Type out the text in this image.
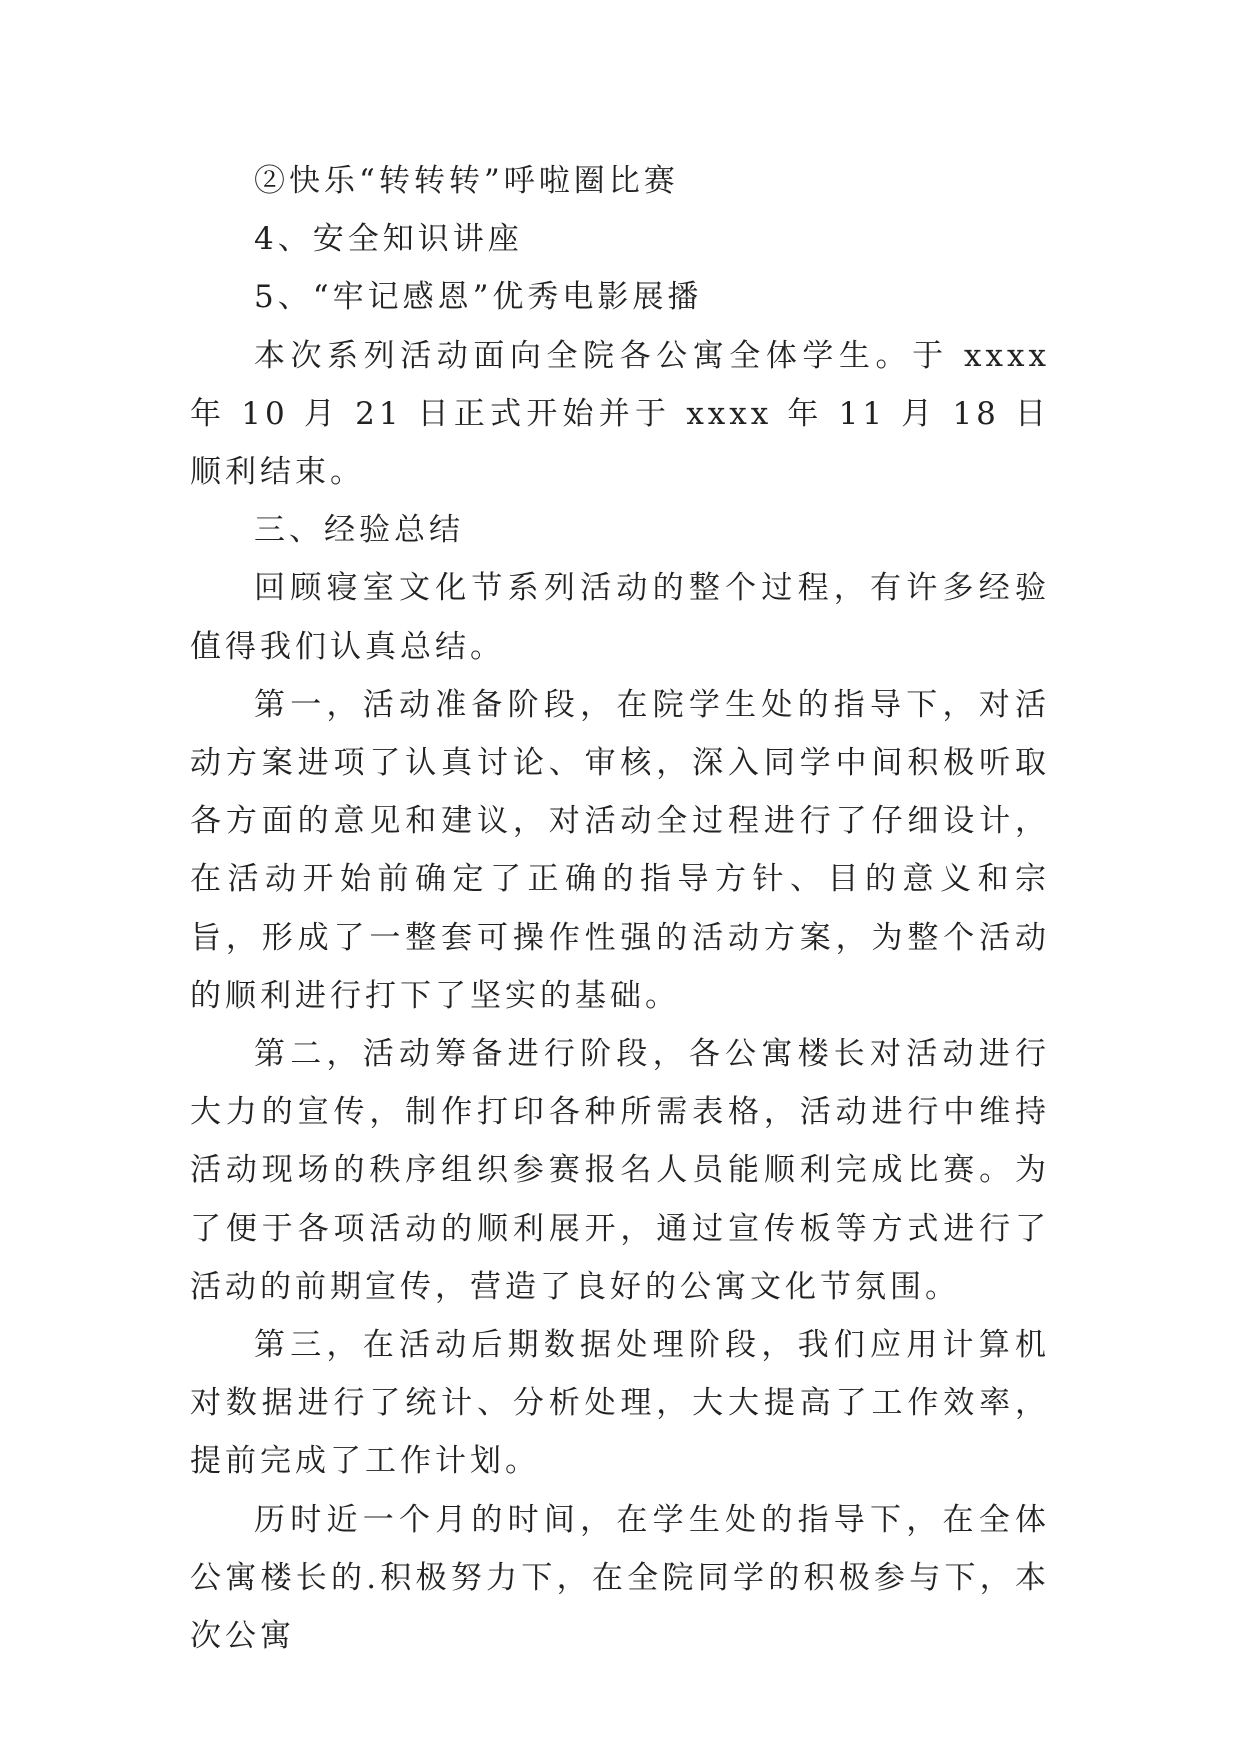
②快乐“转转转”呼啦圈比赛

4、安全知识讲座

5、“牢记感恩”优秀电影展播

本次系列活动面向全院各公寓全体学生。于 xxxx 年 10 月 21 日正式开始并于 xxxx 年 11 月 18 日顺利结束。

三、经验总结

回顾寝室文化节系列活动的整个过程，有许多经验值得我们认真总结。

第一，活动准备阶段，在院学生处的指导下，对活动方案进项了认真讨论、审核，深入同学中间积极听取各方面的意见和建议，对活动全过程进行了仔细设计，在活动开始前确定了正确的指导方针、目的意义和宗旨，形成了一整套可操作性强的活动方案，为整个活动的顺利进行打下了坚实的基础。

第二，活动筹备进行阶段，各公寓楼长对活动进行大力的宣传，制作打印各种所需表格，活动进行中维持活动现场的秩序组织参赛报名人员能顺利完成比赛。为了便于各项活动的顺利展开，通过宣传板等方式进行了活动的前期宣传，营造了良好的公寓文化节氛围。

第三，在活动后期数据处理阶段，我们应用计算机对数据进行了统计、分析处理，大大提高了工作效率，提前完成了工作计划。

历时近一个月的时间，在学生处的指导下，在全体公寓楼长的.积极努力下，在全院同学的积极参与下，本次公寓
